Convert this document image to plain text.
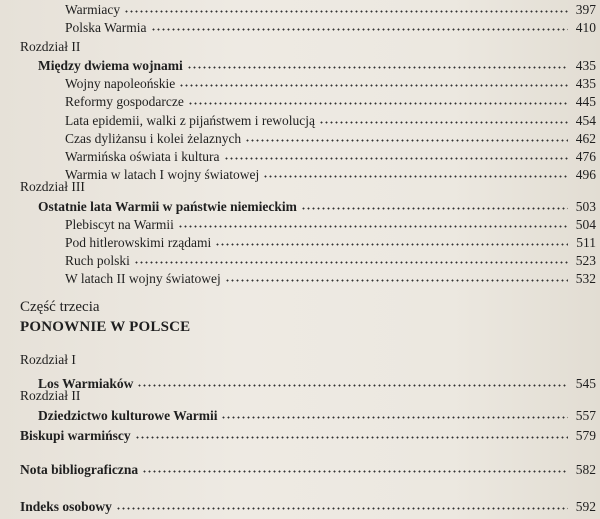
Warmiacy	397
Polska Warmia	410
Rozdział II
Między dwiema wojnami	435
Wojny napoleońskie	435
Reformy gospodarcze	445
Lata epidemii, walki z pijaństwem i rewolucją	454
Czas dyliżansu i kolei żelaznych	462
Warmińska oświata i kultura	476
Warmia w latach I wojny światowej	496
Rozdział III
Ostatnie lata Warmii w państwie niemieckim	503
Plebiscyt na Warmii	504
Pod hitlerowskimi rządami	511
Ruch polski	523
W latach II wojny światowej	532
Część trzecia
PONOWNIE W POLSCE
Rozdział I
Los Warmiaków	545
Rozdział II
Dziedzictwo kulturowe Warmii	557
Biskupi warmińscy	579
Nota bibliograficzna	582
Indeks osobowy	592
